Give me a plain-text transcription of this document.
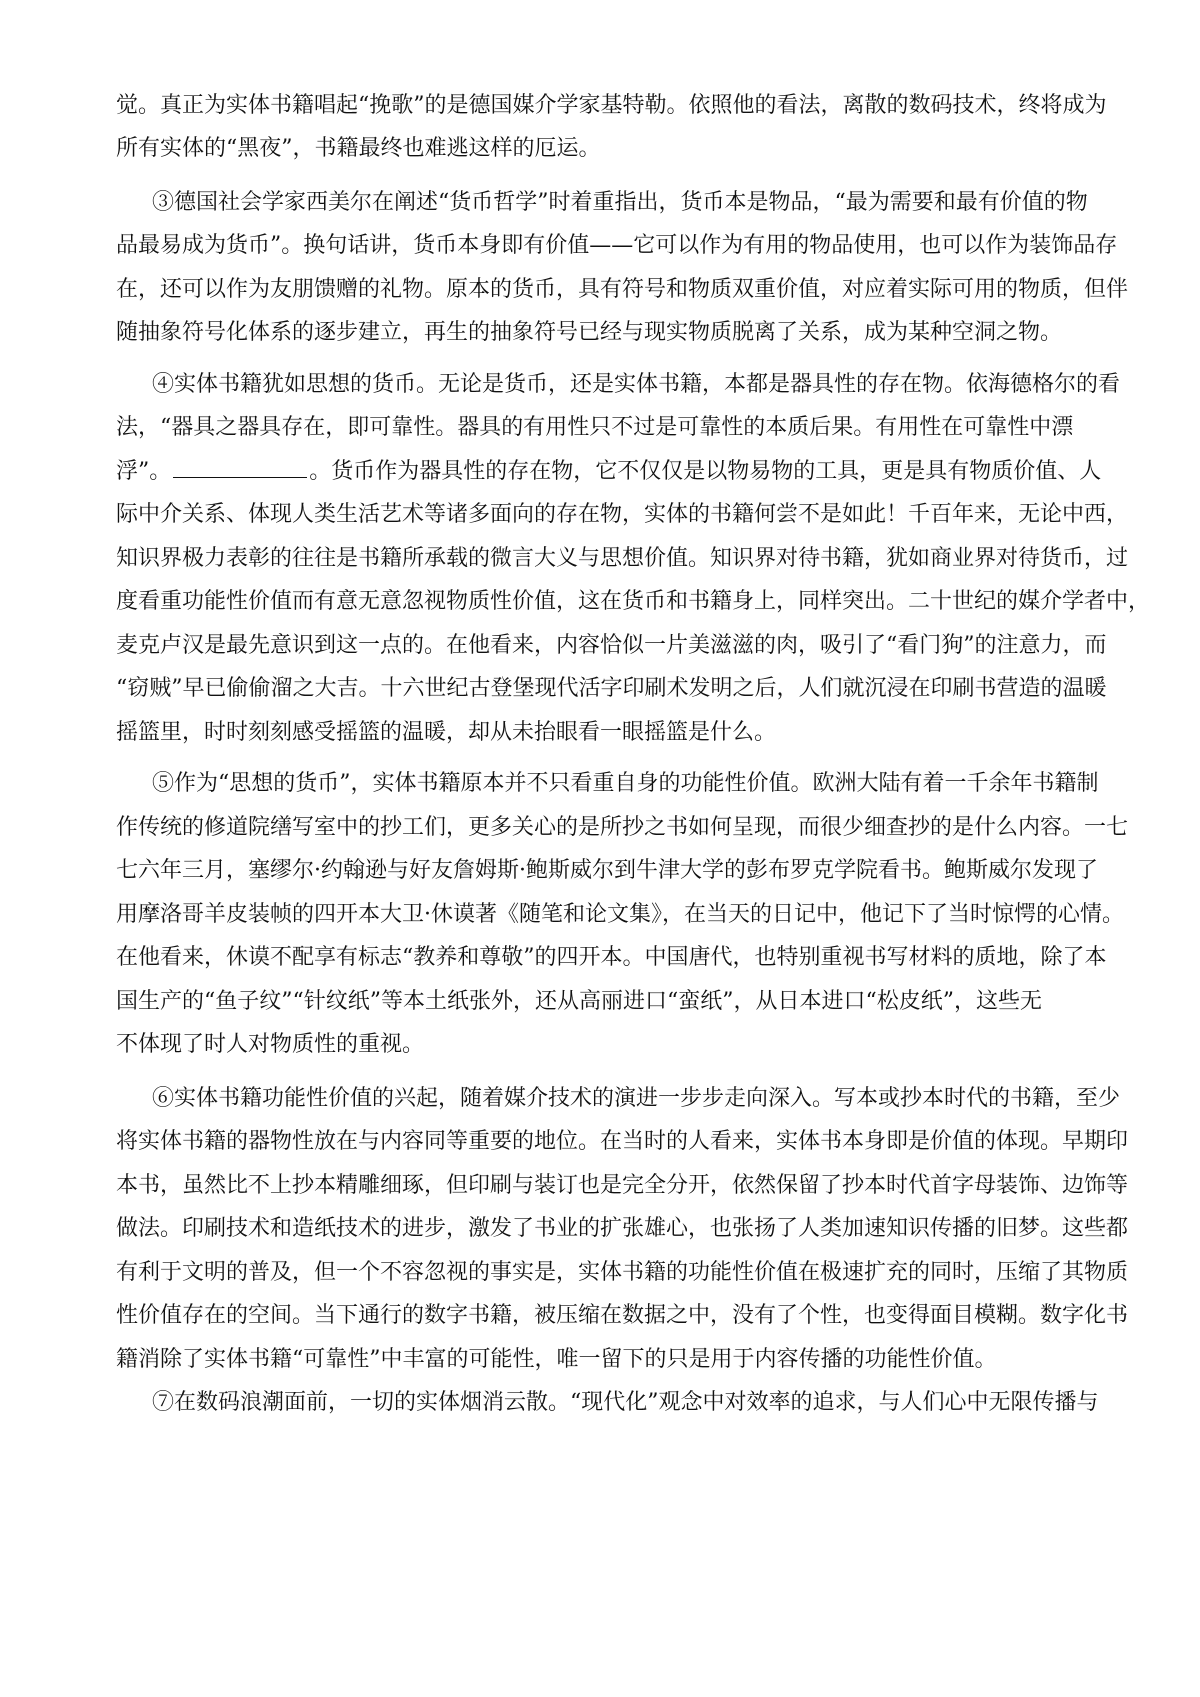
觉。真正为实体书籍唱起“挽歌”的是德国媒介学家基特勒。依照他的看法，离散的数码技术，终将成为
所有实体的“黑夜”，书籍最终也难逃这样的厄运。
③德国社会学家西美尔在阐述“货币哲学”时着重指出，货币本是物品，“最为需要和最有价值的物
品最易成为货币”。换句话讲，货币本身即有价值——它可以作为有用的物品使用，也可以作为装饰品存
在，还可以作为友朋馈赠的礼物。原本的货币，具有符号和物质双重价值，对应着实际可用的物质，但伴
随抽象符号化体系的逐步建立，再生的抽象符号已经与现实物质脱离了关系，成为某种空洞之物。
④实体书籍犹如思想的货币。无论是货币，还是实体书籍，本都是器具性的存在物。依海德格尔的看
法，“器具之器具存在，即可靠性。器具的有用性只不过是可靠性的本质后果。有用性在可靠性中漂
浮”。	。货币作为器具性的存在物，它不仅仅是以物易物的工具，更是具有物质价值、人
际中介关系、体现人类生活艺术等诸多面向的存在物，实体的书籍何尝不是如此！千百年来，无论中西，
知识界极力表彰的往往是书籍所承载的微言大义与思想价值。知识界对待书籍，犹如商业界对待货币，过
度看重功能性价值而有意无意忽视物质性价值，这在货币和书籍身上，同样突出。二十世纪的媒介学者中，
麦克卢汉是最先意识到这一点的。在他看来，内容恰似一片美滋滋的肉，吸引了“看门狗”的注意力，而
“窃贼”早已偷偷溜之大吉。十六世纪古登堡现代活字印刷术发明之后，人们就沉浸在印刷书营造的温暖
摇篮里，时时刻刻感受摇篮的温暖，却从未抬眼看一眼摇篮是什么。
⑤作为“思想的货币”，实体书籍原本并不只看重自身的功能性价值。欧洲大陆有着一千余年书籍制
作传统的修道院缮写室中的抄工们，更多关心的是所抄之书如何呈现，而很少细查抄的是什么内容。一七
七六年三月，塞缪尔·约翰逊与好友詹姆斯·鲍斯威尔到牛津大学的彭布罗克学院看书。鲍斯威尔发现了
用摩洛哥羊皮装帧的四开本大卫·休谟著《随笔和论文集》，在当天的日记中，他记下了当时惊愕的心情。
在他看来，休谟不配享有标志“教养和尊敬”的四开本。中国唐代，也特别重视书写材料的质地，除了本
国生产的“鱼子纹”“针纹纸”等本土纸张外，还从高丽进口“蛮纸”，从日本进口“松皮纸”，这些无
不体现了时人对物质性的重视。
⑥实体书籍功能性价值的兴起，随着媒介技术的演进一步步走向深入。写本或抄本时代的书籍，至少
将实体书籍的器物性放在与内容同等重要的地位。在当时的人看来，实体书本身即是价值的体现。早期印
本书，虽然比不上抄本精雕细琢，但印刷与装订也是完全分开，依然保留了抄本时代首字母装饰、边饰等
做法。印刷技术和造纸技术的进步，激发了书业的扩张雄心，也张扬了人类加速知识传播的旧梦。这些都
有利于文明的普及，但一个不容忽视的事实是，实体书籍的功能性价值在极速扩充的同时，压缩了其物质
性价值存在的空间。当下通行的数字书籍，被压缩在数据之中，没有了个性，也变得面目模糊。数字化书
籍消除了实体书籍“可靠性”中丰富的可能性，唯一留下的只是用于内容传播的功能性价值。
⑦在数码浪潮面前，一切的实体烟消云散。“现代化”观念中对效率的追求，与人们心中无限传播与
